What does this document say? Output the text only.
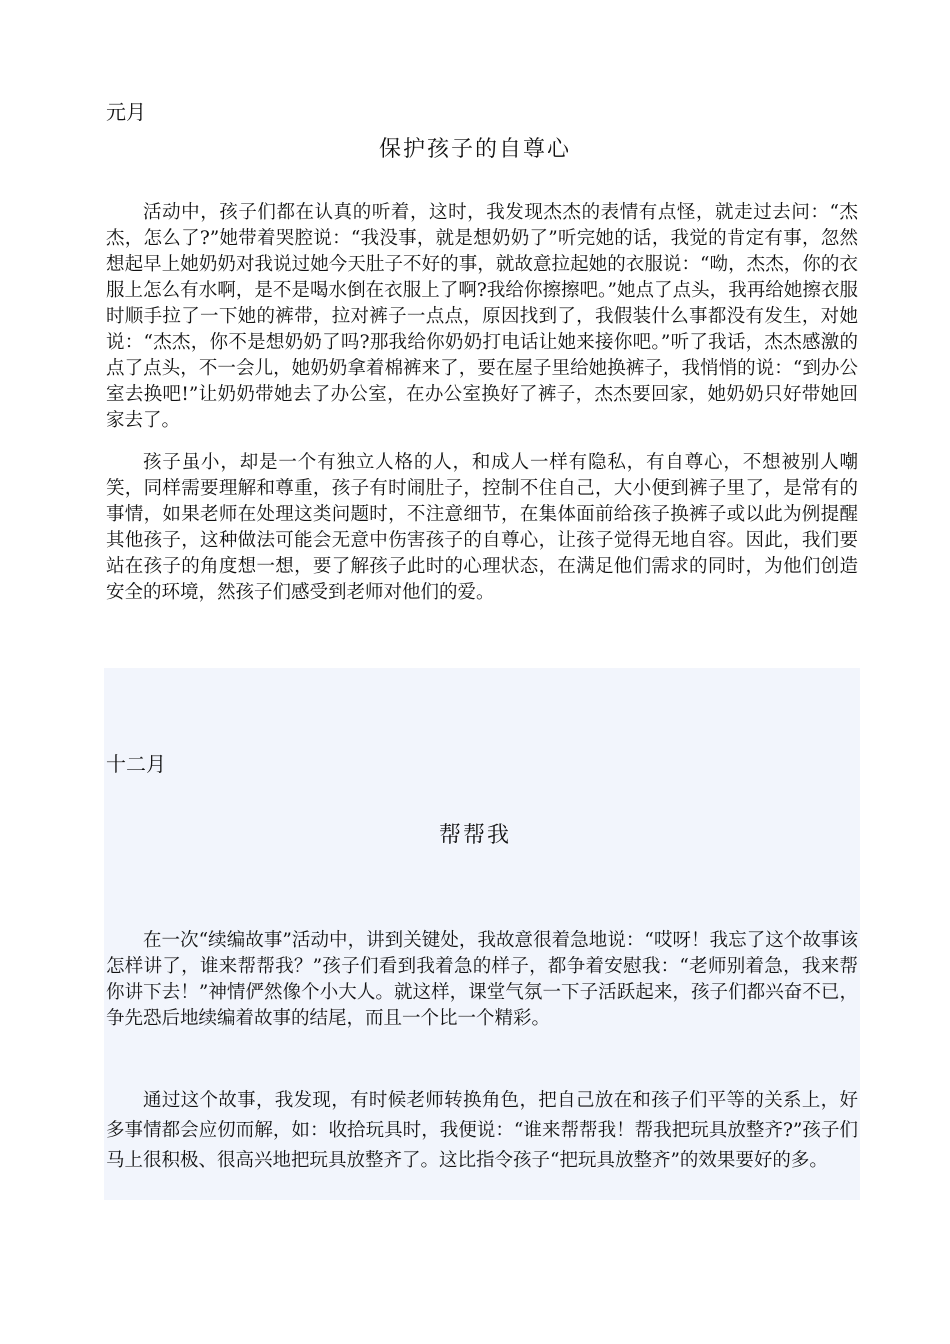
元月
保护孩子的自尊心

活动中，孩子们都在认真的听着，这时，我发现杰杰的表情有点怪，就走过去问：“杰杰，怎么了?”她带着哭腔说：“我没事，就是想奶奶了”听完她的话，我觉的肯定有事，忽然想起早上她奶奶对我说过她今天肚子不好的事，就故意拉起她的衣服说：“呦，杰杰，你的衣服上怎么有水啊，是不是喝水倒在衣服上了啊?我给你擦擦吧。”她点了点头，我再给她擦衣服时顺手拉了一下她的裤带，拉对裤子一点点，原因找到了，我假装什么事都没有发生，对她说：“杰杰，你不是想奶奶了吗?那我给你奶奶打电话让她来接你吧。”听了我话，杰杰感激的点了点头，不一会儿，她奶奶拿着棉裤来了，要在屋子里给她换裤子，我悄悄的说：“到办公室去换吧!”让奶奶带她去了办公室，在办公室换好了裤子，杰杰要回家，她奶奶只好带她回家去了。

孩子虽小，却是一个有独立人格的人，和成人一样有隐私，有自尊心，不想被别人嘲笑，同样需要理解和尊重，孩子有时闹肚子，控制不住自己，大小便到裤子里了，是常有的事情，如果老师在处理这类问题时，不注意细节，在集体面前给孩子换裤子或以此为例提醒其他孩子，这种做法可能会无意中伤害孩子的自尊心，让孩子觉得无地自容。因此，我们要站在孩子的角度想一想，要了解孩子此时的心理状态，在满足他们需求的同时，为他们创造安全的环境，然孩子们感受到老师对他们的爱。

十二月
帮帮我

在一次“续编故事”活动中，讲到关键处，我故意很着急地说：“哎呀！我忘了这个故事该怎样讲了，谁来帮帮我？”孩子们看到我着急的样子，都争着安慰我：“老师别着急，我来帮你讲下去！”神情俨然像个小大人。就这样，课堂气氛一下子活跃起来，孩子们都兴奋不已，争先恐后地续编着故事的结尾，而且一个比一个精彩。

通过这个故事，我发现，有时候老师转换角色，把自己放在和孩子们平等的关系上，好多事情都会应仞而解，如：收拾玩具时，我便说：“谁来帮帮我！帮我把玩具放整齐?”孩子们马上很积极、很高兴地把玩具放整齐了。这比指令孩子“把玩具放整齐”的效果要好的多。
